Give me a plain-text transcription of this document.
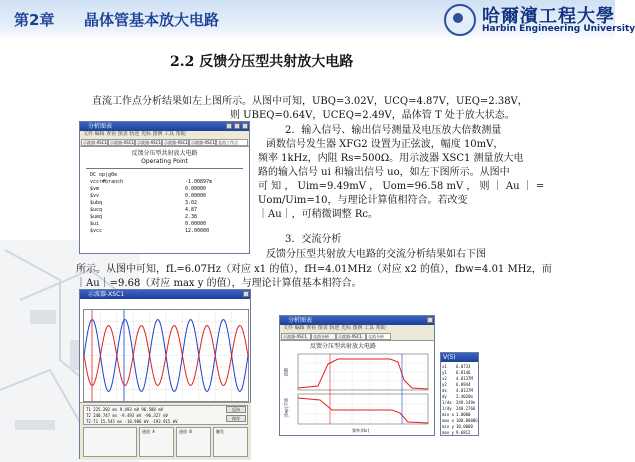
第2章 晶体管基本放大电路	哈爾濱工程大學
Harbin Engineering University
2.2 反馈分压型共射放大电路
直流工作点分析结果如左上图所示。从图中可知，UBQ=3.02V，UCQ=4.87V，UEQ=2.38V，
则 UBEQ=0.64V，UCEQ=2.49V，晶体管 T 处于放大状态。
2．输入信号、输出信号测量及电压放大倍数测量
函数信号发生器 XFG2 设置为正弦波，幅度 10mV，
频率 1kHz，内阻 Rs=500Ω。用示波器 XSC1 测量放大电
路的输入信号 ui 和输出信号 uo，如左下图所示。从图中
可 知 ， Uim=9.49mV ， Uom=96.58 mV ， 则 ｜ Au ｜ =
Uom/Uim=10，与理论计算值相符合。若改变
｜Au｜，可稍微调整 Rc。
3．交流分析
反馈分压型共射放大电路的交流分析结果如右下图
所示。从图中可知，fL=6.07Hz（对应 x1 的值），fH=4.01MHz（对应 x2 的值），fbw=4.01 MHz，而
｜Au｜=9.68（对应 max y 的值），与理论计算值基本相符合。
分析图表
文件 编辑 查看 图表 轨迹 光标 图例 工具 帮助
示波器-XSC1 示波器-XSC1 示波器-XSC1 示波器-XSC1 示波器-XSC1 直流工作点
反馈分压型共射放大电路
Operating Point
DC op|g0e
vccr#branch	-1.00897m
$vm	0.00000
$vv	0.00000
$ubq	3.02
$ucq	4.87
$ueq	2.38
$ui	0.00000
$vcc	12.00000
示波器-XSC1
T1 225.202 ms 9.493 mV 96.588 mV
T2 240.747 ms -9.493 mV -96.327 mV
T2-T1 15.545 ms -18.986 mV -192.915 mV
反向
保存
通道 A	通道 B	触发
分析图表
文件 编辑 查看 图表 轨迹 光标 图例 工具 帮助
示波器-XSC1	交流分析	示波器-XSC1	交流分析
反馈分压型共射放大电路
幅值
相位(deg)
频率(Hz)
V(5)
x1 6.0733
y1 6.8146
x2 4.0137M
y2 6.8944
dx 4.0137M
dy 2.4026m
1/dx 249.149n
1/dy 240.2766
min x 1.0000
max x 100.0000G
min y 10.0000
max y 9.6812
